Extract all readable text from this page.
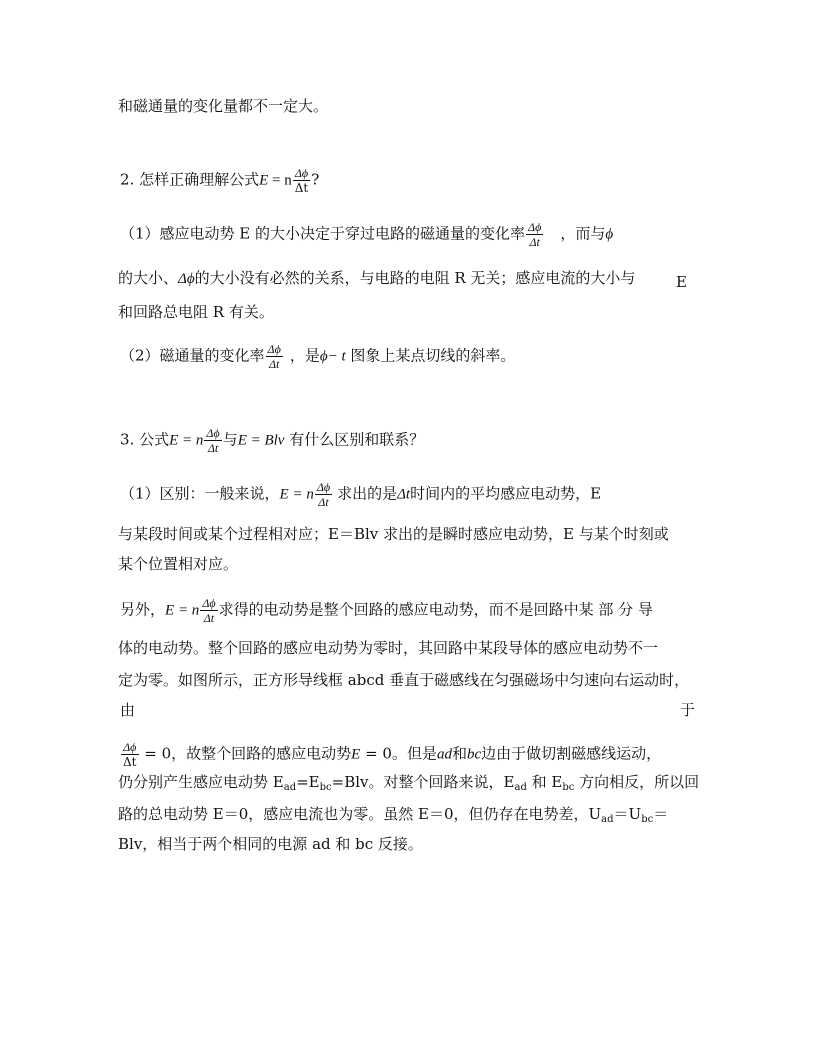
和磁通量的变化量都不一定大。
2. 怎样正确理解公式E = n $\frac{\Delta\phi}{\Delta t}$ ?
（1）感应电动势 E 的大小决定于穿过电路的磁通量的变化率 $\frac{\Delta\phi}{\Delta t}$ ，而与ϕ
的大小、Δϕ的大小没有必然的关系，与电路的电阻 R 无关；感应电流的大小与	E
和回路总电阻 R 有关。
（2）磁通量的变化率 $\frac{\Delta\phi}{\Delta t}$ ，是ϕ− t 图象上某点切线的斜率。
3. 公式E = n $\frac{\Delta\phi}{\Delta t}$ 与E = Blv 有什么区别和联系？
（1）区别：一般来说，E = n $\frac{\Delta\phi}{\Delta t}$ 求出的是Δt时间内的平均感应电动势，E
与某段时间或某个过程相对应；E＝Blv 求出的是瞬时感应电动势，E 与某个时刻或
某个位置相对应。
另外，E = n $\frac{\Delta\phi}{\Delta t}$ 求得的电动势是整个回路的感应电动势，而不是回路中某 部 分 导
体的电动势。整个回路的感应电动势为零时，其回路中某段导体的感应电动势不一
定为零。如图所示，正方形导线框 abcd 垂直于磁感线在匀强磁场中匀速向右运动时，
由	于
$\frac{\Delta\phi}{\Delta t} = 0$，故整个回路的感应电动势E = 0。但是ad和bc边由于做切割磁感线运动，
仍分别产生感应电动势 $E_{ad}=E_{bc}=Blv$。对整个回路来说，$E_{ad}$ 和 $E_{bc}$ 方向相反，所以回
路的总电动势 E＝0，感应电流也为零。虽然 E＝0，但仍存在电势差，$U_{ad}=U_{bc}=$
Blv，相当于两个相同的电源 ad 和 bc 反接。
